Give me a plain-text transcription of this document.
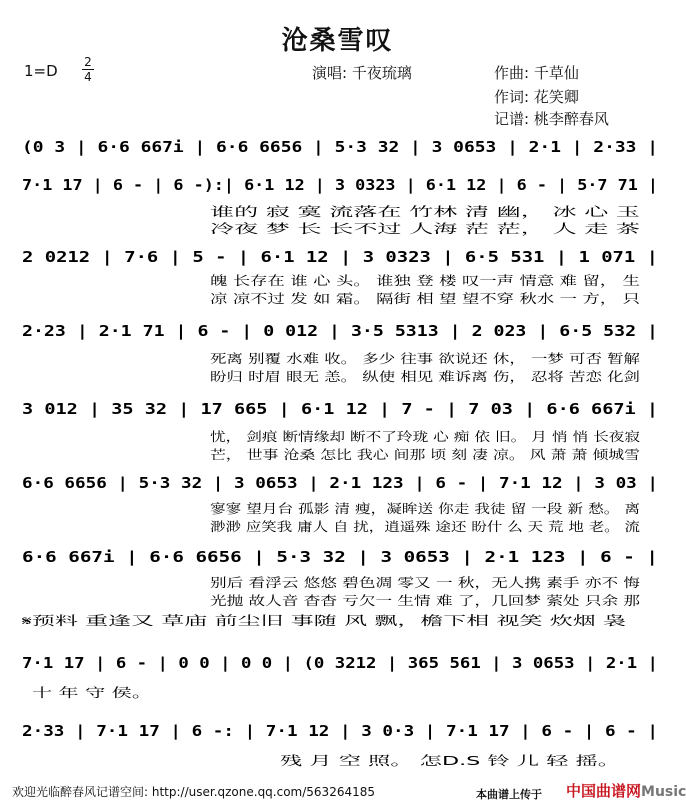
沧桑雪叹
1=D 2
4	演唱: 千夜琉璃	作曲: 千草仙
作词: 花笑卿
记谱: 桃李醉春风
(0 3 | 6·6 667i | 6·6 6656 | 5·3 32 | 3 0653 | 2·1 | 2·33 |
7·1 17 | 6 - | 6 -):| 6·1 12 | 3 0323 | 6·1 12 | 6 - | 5·7 71 |
2 0212 | 7·6 | 5 - | 6·1 12 | 3 0323 | 6·5 531 | 1 071 |
2·23 | 2·1 71 | 6 - | 0 012 | 3·5 5313 | 2 023 | 6·5 532 |
3 012 | 35 32 | 17 665 | 6·1 12 | 7 - | 7 03 | 6·6 667i |
6·6 6656 | 5·3 32 | 3 0653 | 2·1 123 | 6 - | 7·1 12 | 3 03 |
6·6 667i | 6·6 6656 | 5·3 32 | 3 0653 | 2·1 123 | 6 - |
7·1 17 | 6 - | 0 0 | 0 0 | (0 3212 | 365 561 | 3 0653 | 2·1 |
2·33 | 7·1 17 | 6 -: | 7·1 12 | 3 0·3 | 7·1 17 | 6 - | 6 - |
谁的 寂 寞 流落在 竹林 清 幽， 冰 心 玉
冷夜 梦 长 长不过 人海 茫 茫， 人 走 茶
魄 长存在 谁 心 头。 谁独 登 楼 叹一声 情意 难 留， 生
凉 凉不过 发 如 霜。 隔街 相 望 望不穿 秋水 一 方， 只
死离 别覆 水难 收。 多少 往事 欲说还 休， 一梦 可否 暂解
盼归 时眉 眼无 恙。 纵使 相见 难诉离 伤， 忍将 苦恋 化剑
忧， 剑痕 断情缘却 断不了玲珑 心 痴 依 旧。 月 悄 悄 长夜寂
芒， 世事 沧桑 怎比 我心 间那 顷 刻 凄 凉。 风 萧 萧 倾城雪
寥寥 望月台 孤影 清 瘦，凝眸送 你走 我徒 留 一段 新 愁。 离
渺渺 应笑我 庸人 自 扰，逍遥殊 途还 盼什 么 天 荒 地 老。 流
别后 看浮云 悠悠 碧色凋 零又 一 秋，无人携 素手 亦不 悔
光抛 故人音 杳杳 亏欠一 生情 难 了，几回梦 萦处 只余 那
𝄋预料 重逢又 草庙 前尘旧 事随 风 飘，檐下相 视笑 炊烟 袅
十 年 守 侯。
残 月 空 照。 怎D.S 铃 儿 轻 摇。
欢迎光临醉春风记谱空间: http://user.qzone.qq.com/563264185	本曲谱上传于 中国曲谱网Music
